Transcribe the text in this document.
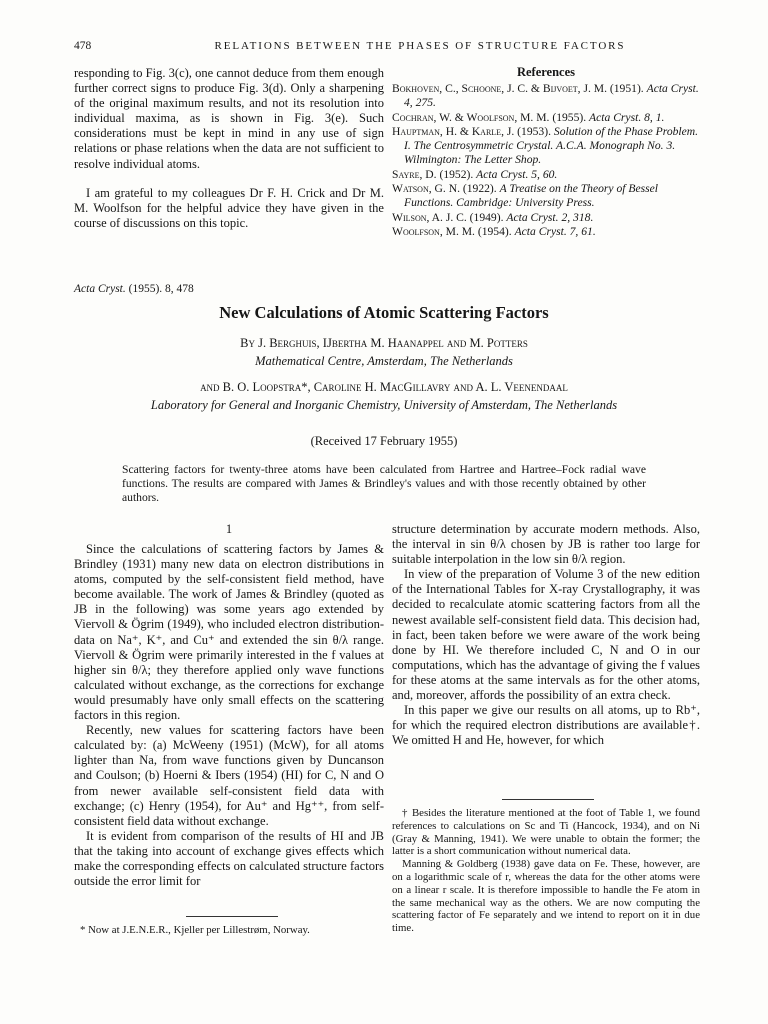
478	RELATIONS BETWEEN THE PHASES OF STRUCTURE FACTORS

responding to Fig. 3(c), one cannot deduce from them enough further correct signs to produce Fig. 3(d). Only a sharpening of the original maximum results, and not its resolution into individual maxima, as is shown in Fig. 3(e). Such considerations must be kept in mind in any use of sign relations or phase relations when the data are not sufficient to resolve individual atoms.

I am grateful to my colleagues Dr F. H. Crick and Dr M. M. Woolfson for the helpful advice they have given in the course of discussions on this topic.

References
Bokhoven, C., Schoone, J. C. & Bijvoet, J. M. (1951). Acta Cryst. 4, 275.
Cochran, W. & Woolfson, M. M. (1955). Acta Cryst. 8, 1.
Hauptman, H. & Karle, J. (1953). Solution of the Phase Problem. I. The Centrosymmetric Crystal. A.C.A. Monograph No. 3. Wilmington: The Letter Shop.
Sayre, D. (1952). Acta Cryst. 5, 60.
Watson, G. N. (1922). A Treatise on the Theory of Bessel Functions. Cambridge: University Press.
Wilson, A. J. C. (1949). Acta Cryst. 2, 318.
Woolfson, M. M. (1954). Acta Cryst. 7, 61.
Acta Cryst. (1955). 8, 478
New Calculations of Atomic Scattering Factors
By J. Berghuis, IJbertha M. Haanappel and M. Potters
Mathematical Centre, Amsterdam, The Netherlands
and B. O. Loopstra*, Caroline H. MacGillavry and A. L. Veenendaal
Laboratory for General and Inorganic Chemistry, University of Amsterdam, The Netherlands
(Received 17 February 1955)
Scattering factors for twenty-three atoms have been calculated from Hartree and Hartree–Fock radial wave functions. The results are compared with James & Brindley's values and with those recently obtained by other authors.
1

Since the calculations of scattering factors by James & Brindley (1931) many new data on electron distributions in atoms, computed by the self-consistent field method, have become available. The work of James & Brindley (quoted as JB in the following) was some years ago extended by Viervoll & Ögrim (1949), who included electron distribution-data on Na⁺, K⁺, and Cu⁺ and extended the sin θ/λ range. Viervoll & Ögrim were primarily interested in the f values at higher sin θ/λ; they therefore applied only wave functions calculated without exchange, as the corrections for exchange would presumably have only small effects on the scattering factors in this region.

Recently, new values for scattering factors have been calculated by: (a) McWeeny (1951) (McW), for all atoms lighter than Na, from wave functions given by Duncanson and Coulson; (b) Hoerni & Ibers (1954) (HI) for C, N and O from newer available self-consistent field data with exchange; (c) Henry (1954), for Au⁺ and Hg⁺⁺, from self-consistent field data without exchange.

It is evident from comparison of the results of HI and JB that the taking into account of exchange gives effects which make the corresponding effects on calculated structure factors outside the error limit for

* Now at J.E.N.E.R., Kjeller per Lillestrøm, Norway.

structure determination by accurate modern methods. Also, the interval in sin θ/λ chosen by JB is rather too large for suitable interpolation in the low sin θ/λ region.

In view of the preparation of Volume 3 of the new edition of the International Tables for X-ray Crystallography, it was decided to recalculate atomic scattering factors from all the newest available self-consistent field data. This decision had, in fact, been taken before we were aware of the work being done by HI. We therefore included C, N and O in our computations, which has the advantage of giving the f values for these atoms at the same intervals as for the other atoms, and, moreover, affords the possibility of an extra check.

In this paper we give our results on all atoms, up to Rb⁺, for which the required electron distributions are available†. We omitted H and He, however, for which

† Besides the literature mentioned at the foot of Table 1, we found references to calculations on Sc and Ti (Hancock, 1934), and on Ni (Gray & Manning, 1941). We were unable to obtain the former; the latter is a short communication without numerical data.

Manning & Goldberg (1938) gave data on Fe. These, however, are on a logarithmic scale of r, whereas the data for the other atoms were on a linear r scale. It is therefore impossible to handle the Fe atom in the same mechanical way as the others. We are now computing the scattering factor of Fe separately and we intend to report on it in due time.
